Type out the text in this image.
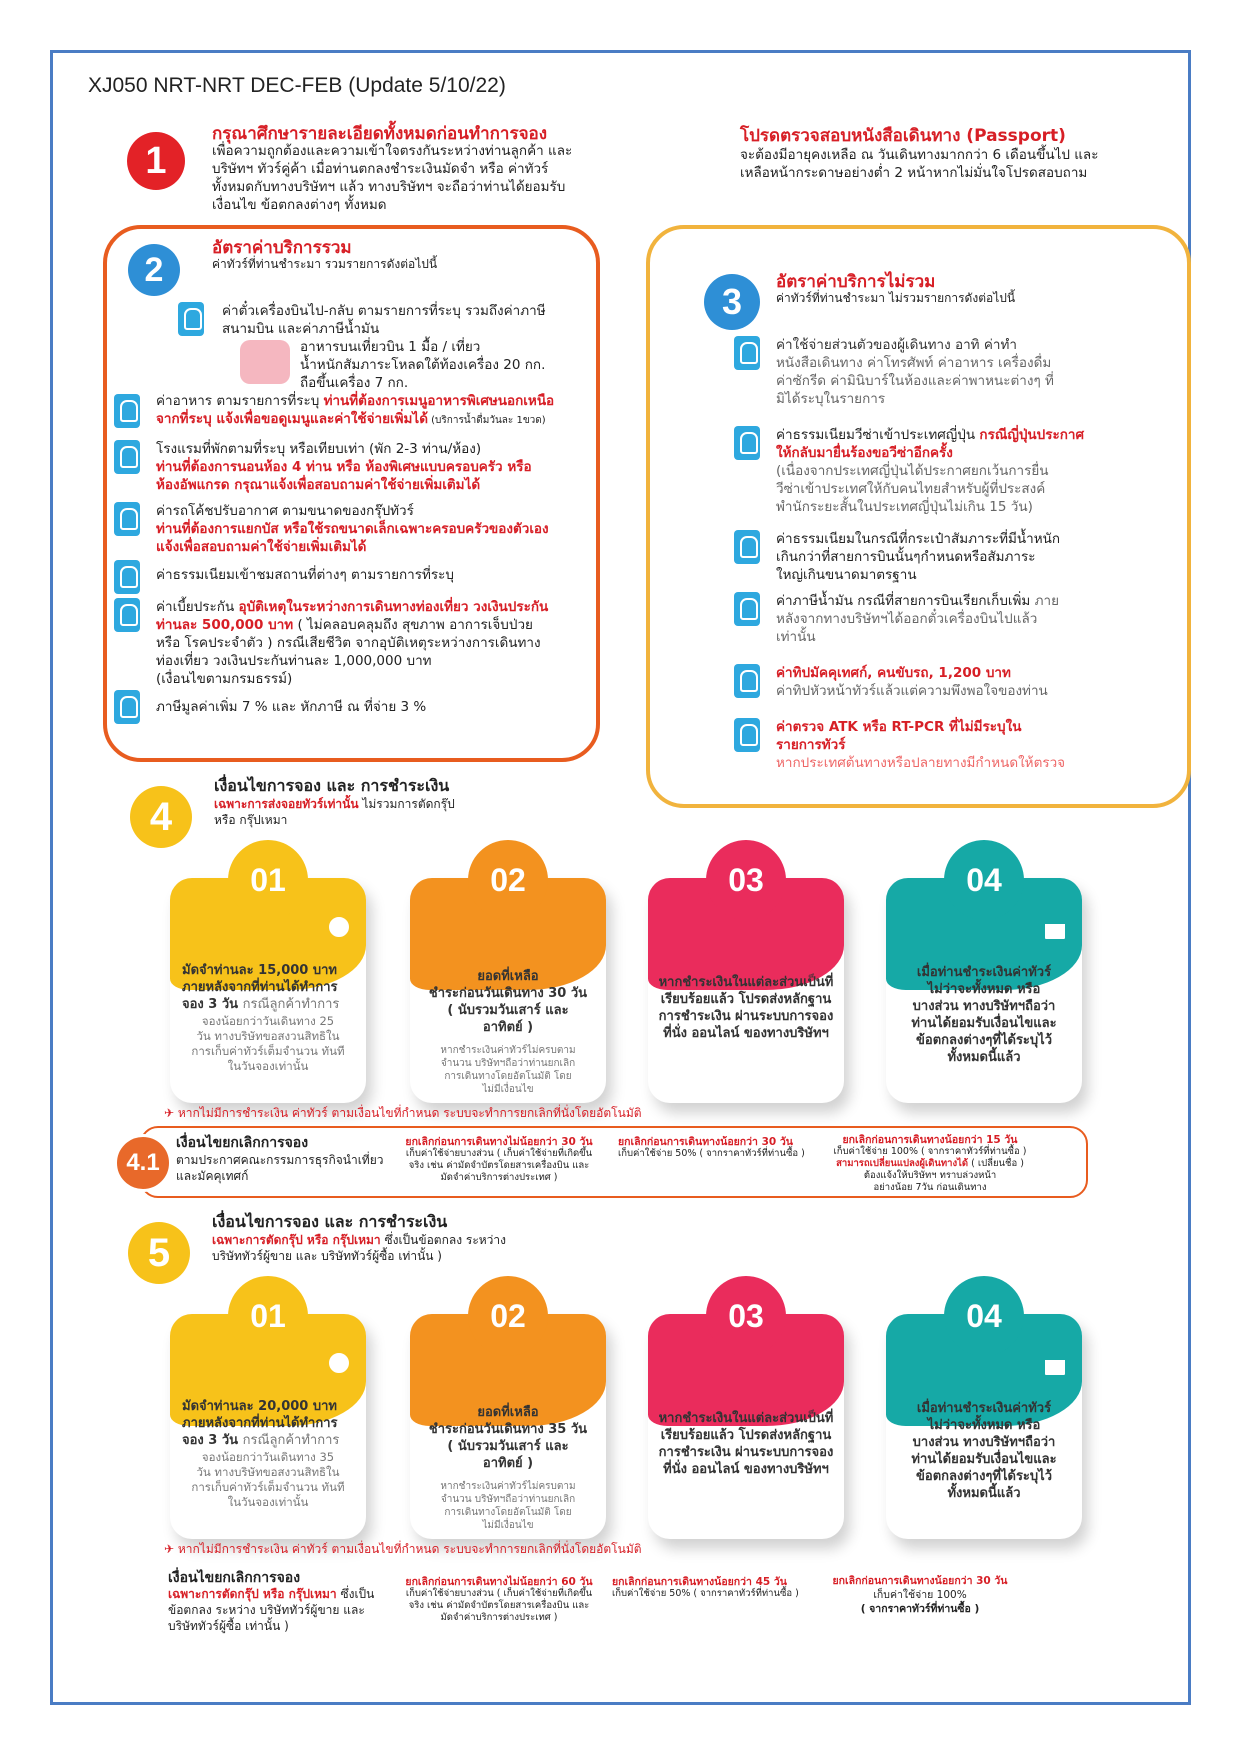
XJ050 NRT-NRT DEC-FEB (Update 5/10/22)
1
กรุณาศึกษารายละเอียดทั้งหมดก่อนทำการจอง
เพื่อความถูกต้องและความเข้าใจตรงกันระหว่างท่านลูกค้า และ
บริษัทฯ ทัวร์คู่ค้า เมื่อท่านตกลงชำระเงินมัดจำ หรือ ค่าทัวร์
ทั้งหมดกับทางบริษัทฯ แล้ว ทางบริษัทฯ จะถือว่าท่านได้ยอมรับ
เงื่อนไข ข้อตกลงต่างๆ ทั้งหมด
โปรดตรวจสอบหนังสือเดินทาง (Passport)
จะต้องมีอายุคงเหลือ ณ วันเดินทางมากกว่า 6 เดือนขึ้นไป และ
เหลือหน้ากระดาษอย่างต่ำ 2 หน้าหากไม่มั่นใจโปรดสอบถาม
2
อัตราค่าบริการรวม
ค่าทัวร์ที่ท่านชำระมา รวมรายการดังต่อไปนี้
ค่าตั๋วเครื่องบินไป-กลับ ตามรายการที่ระบุ รวมถึงค่าภาษี
สนามบิน และค่าภาษีน้ำมัน
อาหารบนเที่ยวบิน 1 มื้อ / เที่ยว
น้ำหนักสัมภาระโหลดใต้ท้องเครื่อง 20 กก.
ถือขึ้นเครื่อง 7 กก.
ค่าอาหาร ตามรายการที่ระบุ ท่านที่ต้องการเมนูอาหารพิเศษนอกเหนือ
จากที่ระบุ แจ้งเพื่อขอดูเมนูและค่าใช้จ่ายเพิ่มได้ (บริการน้ำดื่มวันละ 1ขวด)
โรงแรมที่พักตามที่ระบุ หรือเทียบเท่า (พัก 2-3 ท่าน/ห้อง)
ท่านที่ต้องการนอนห้อง 4 ท่าน หรือ ห้องพิเศษแบบครอบครัว หรือ
ห้องอัพแกรด กรุณาแจ้งเพื่อสอบถามค่าใช้จ่ายเพิ่มเติมได้
ค่ารถโค้ชปรับอากาศ ตามขนาดของกรุ๊ปทัวร์
ท่านที่ต้องการแยกบัส หรือใช้รถขนาดเล็กเฉพาะครอบครัวของตัวเอง
แจ้งเพื่อสอบถามค่าใช้จ่ายเพิ่มเติมได้
ค่าธรรมเนียมเข้าชมสถานที่ต่างๆ ตามรายการที่ระบุ
ค่าเบี้ยประกัน อุบัติเหตุในระหว่างการเดินทางท่องเที่ยว วงเงินประกัน
ท่านละ 500,000 บาท ( ไม่คลอบคลุมถึง สุขภาพ อาการเจ็บป่วย
หรือ โรคประจำตัว ) กรณีเสียชีวิต จากอุบัติเหตุระหว่างการเดินทาง
ท่องเที่ยว วงเงินประกันท่านละ 1,000,000 บาท
(เงื่อนไขตามกรมธรรม์)
ภาษีมูลค่าเพิ่ม 7 % และ หักภาษี ณ ที่จ่าย 3 %
3	อัตราค่าบริการไม่รวม
ค่าทัวร์ที่ท่านชำระมา ไม่รวมรายการดังต่อไปนี้
ค่าใช้จ่ายส่วนตัวของผู้เดินทาง อาทิ ค่าทำ
หนังสือเดินทาง ค่าโทรศัพท์ ค่าอาหาร เครื่องดื่ม
ค่าซักรีด ค่ามินิบาร์ในห้องและค่าพาหนะต่างๆ ที่
มิได้ระบุในรายการ
ค่าธรรมเนียมวีซ่าเข้าประเทศญี่ปุ่น กรณีญี่ปุ่นประกาศ
ให้กลับมายื่นร้องขอวีซ่าอีกครั้ง
(เนื่องจากประเทศญี่ปุ่นได้ประกาศยกเว้นการยื่น
วีซ่าเข้าประเทศให้กับคนไทยสำหรับผู้ที่ประสงค์
พำนักระยะสั้นในประเทศญี่ปุ่นไม่เกิน 15 วัน)
ค่าธรรมเนียมในกรณีที่กระเป๋าสัมภาระที่มีน้ำหนัก
เกินกว่าที่สายการบินนั้นๆกำหนดหรือสัมภาระ
ใหญ่เกินขนาดมาตรฐาน
ค่าภาษีน้ำมัน กรณีที่สายการบินเรียกเก็บเพิ่ม ภาย
หลังจากทางบริษัทฯได้ออกตั๋วเครื่องบินไปแล้ว
เท่านั้น
ค่าทิปมัคคุเทศก์, คนขับรถ, 1,200 บาท
ค่าทิปหัวหน้าทัวร์แล้วแต่ความพึงพอใจของท่าน
ค่าตรวจ ATK หรือ RT-PCR ที่ไม่มีระบุใน
รายการทัวร์
หากประเทศต้นทางหรือปลายทางมีกำหนดให้ตรวจ
4
เงื่อนไขการจอง และ การชำระเงิน
เฉพาะการส่งจอยทัวร์เท่านั้น ไม่รวมการตัดกรุ๊ป
หรือ กรุ๊ปเหมา
01
มัดจำท่านละ 15,000 บาท
ภายหลังจากที่ท่านได้ทำการ
จอง 3 วัน กรณีลูกค้าทำการ
จองน้อยกว่าวันเดินทาง 25
วัน ทางบริษัทขอสงวนสิทธิใน
การเก็บค่าทัวร์เต็มจำนวน ทันที
ในวันจองเท่านั้น
02
ยอดที่เหลือ
ชำระก่อนวันเดินทาง 30 วัน
( นับรวมวันเสาร์ และ
อาทิตย์ )
หากชำระเงินค่าทัวร์ไม่ครบตาม
จำนวน บริษัทฯถือว่าท่านยกเลิก
การเดินทางโดยอัตโนมัติ โดย
ไม่มีเงื่อนไข
03
หากชำระเงินในแต่ละส่วนเป็นที่
เรียบร้อยแล้ว โปรดส่งหลักฐาน
การชำระเงิน ผ่านระบบการจอง
ที่นั่ง ออนไลน์ ของทางบริษัทฯ
04
เมื่อท่านชำระเงินค่าทัวร์
ไม่ว่าจะทั้งหมด หรือ
บางส่วน ทางบริษัทฯถือว่า
ท่านได้ยอมรับเงื่อนไขและ
ข้อตกลงต่างๆที่ได้ระบุไว้
ทั้งหมดนี้แล้ว
✈ หากไม่มีการชำระเงิน ค่าทัวร์ ตามเงื่อนไขที่กำหนด ระบบจะทำการยกเลิกที่นั่งโดยอัตโนมัติ
4.1
เงื่อนไขยกเลิกการจอง
ตามประกาศคณะกรรมการธุรกิจนำเที่ยว
และมัคคุเทศก์
ยกเลิกก่อนการเดินทางไม่น้อยกว่า 30 วัน
เก็บค่าใช้จ่ายบางส่วน ( เก็บค่าใช้จ่ายที่เกิดขึ้น
จริง เช่น ค่ามัดจำบัตรโดยสารเครื่องบิน และ
มัดจำค่าบริการต่างประเทศ )
ยกเลิกก่อนการเดินทางน้อยกว่า 30 วัน
เก็บค่าใช้จ่าย 50% ( จากราคาทัวร์ที่ท่านซื้อ )
ยกเลิกก่อนการเดินทางน้อยกว่า 15 วัน
เก็บค่าใช้จ่าย 100% ( จากราคาทัวร์ที่ท่านซื้อ )
สามารถเปลี่ยนแปลงผู้เดินทางได้ ( เปลี่ยนชื่อ )
ต้องแจ้งให้บริษัทฯ ทราบล่วงหน้า
อย่างน้อย 7วัน ก่อนเดินทาง
5
เงื่อนไขการจอง และ การชำระเงิน
เฉพาะการตัดกรุ๊ป หรือ กรุ๊ปเหมา ซึ่งเป็นข้อตกลง ระหว่าง
บริษัททัวร์ผู้ขาย และ บริษัททัวร์ผู้ซื้อ เท่านั้น )
01
มัดจำท่านละ 20,000 บาท
ภายหลังจากที่ท่านได้ทำการ
จอง 3 วัน กรณีลูกค้าทำการ
จองน้อยกว่าวันเดินทาง 35
วัน ทางบริษัทขอสงวนสิทธิใน
การเก็บค่าทัวร์เต็มจำนวน ทันที
ในวันจองเท่านั้น
02
ยอดที่เหลือ
ชำระก่อนวันเดินทาง 35 วัน
( นับรวมวันเสาร์ และ
อาทิตย์ )
หากชำระเงินค่าทัวร์ไม่ครบตาม
จำนวน บริษัทฯถือว่าท่านยกเลิก
การเดินทางโดยอัตโนมัติ โดย
ไม่มีเงื่อนไข
03
หากชำระเงินในแต่ละส่วนเป็นที่
เรียบร้อยแล้ว โปรดส่งหลักฐาน
การชำระเงิน ผ่านระบบการจอง
ที่นั่ง ออนไลน์ ของทางบริษัทฯ
04
เมื่อท่านชำระเงินค่าทัวร์
ไม่ว่าจะทั้งหมด หรือ
บางส่วน ทางบริษัทฯถือว่า
ท่านได้ยอมรับเงื่อนไขและ
ข้อตกลงต่างๆที่ได้ระบุไว้
ทั้งหมดนี้แล้ว
✈ หากไม่มีการชำระเงิน ค่าทัวร์ ตามเงื่อนไขที่กำหนด ระบบจะทำการยกเลิกที่นั่งโดยอัตโนมัติ
เงื่อนไขยกเลิกการจอง
เฉพาะการตัดกรุ๊ป หรือ กรุ๊ปเหมา ซึ่งเป็น
ข้อตกลง ระหว่าง บริษัททัวร์ผู้ขาย และ
บริษัททัวร์ผู้ซื้อ เท่านั้น )
ยกเลิกก่อนการเดินทางไม่น้อยกว่า 60 วัน
เก็บค่าใช้จ่ายบางส่วน ( เก็บค่าใช้จ่ายที่เกิดขึ้น
จริง เช่น ค่ามัดจำบัตรโดยสารเครื่องบิน และ
มัดจำค่าบริการต่างประเทศ )
ยกเลิกก่อนการเดินทางน้อยกว่า 45 วัน
เก็บค่าใช้จ่าย 50% ( จากราคาทัวร์ที่ท่านซื้อ )
ยกเลิกก่อนการเดินทางน้อยกว่า 30 วัน
เก็บค่าใช้จ่าย 100%
( จากราคาทัวร์ที่ท่านซื้อ )
